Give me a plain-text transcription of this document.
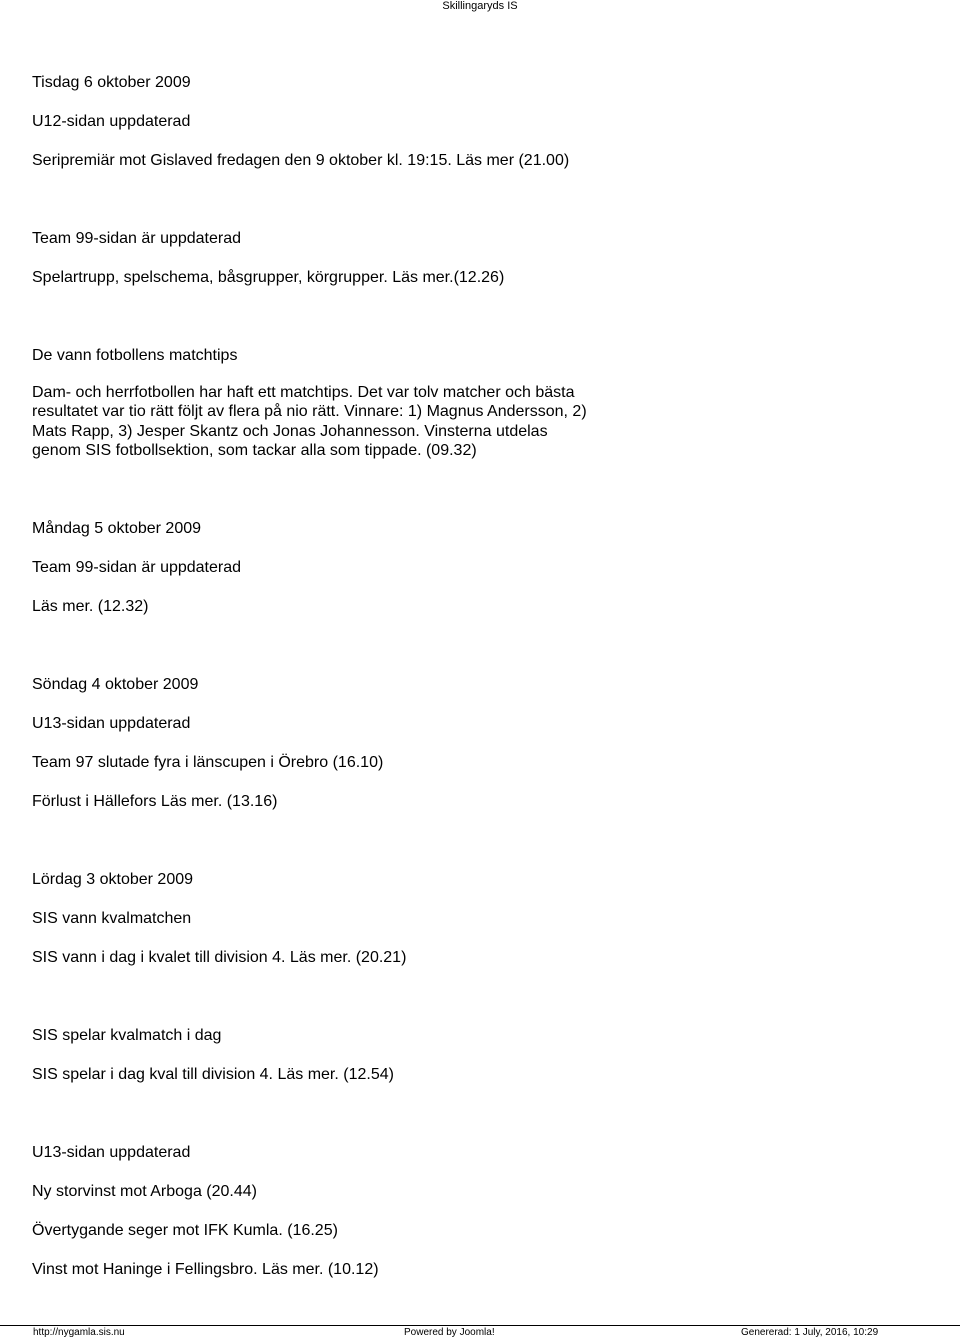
Skillingaryds IS

Tisdag 6 oktober 2009

U12-sidan uppdaterad

Seripremiär mot Gislaved fredagen den 9 oktober kl. 19:15. Läs mer (21.00)

Team 99-sidan är uppdaterad

Spelartrupp, spelschema, båsgrupper, körgrupper. Läs mer.(12.26)

De vann fotbollens matchtips

Dam- och herrfotbollen har haft ett matchtips. Det var tolv matcher och bästa resultatet var tio rätt följt av flera på nio rätt. Vinnare: 1) Magnus Andersson, 2) Mats Rapp, 3) Jesper Skantz och Jonas Johannesson. Vinsterna utdelas genom SIS fotbollsektion, som tackar alla som tippade. (09.32)

Måndag 5 oktober 2009

Team 99-sidan är uppdaterad

Läs mer. (12.32)

Söndag 4 oktober 2009

U13-sidan uppdaterad

Team 97 slutade fyra i länscupen i Örebro (16.10)

Förlust i Hällefors Läs mer. (13.16)

Lördag 3 oktober 2009

SIS vann kvalmatchen

SIS vann i dag i kvalet till division 4. Läs mer. (20.21)

SIS spelar kvalmatch i dag

SIS spelar i dag kval till division 4. Läs mer. (12.54)

U13-sidan uppdaterad

Ny storvinst mot Arboga (20.44)

Övertygande seger mot IFK Kumla. (16.25)

Vinst mot Haninge i Fellingsbro. Läs mer. (10.12)

http://nygamla.sis.nu	Powered by Joomla!	Genererad: 1 July, 2016, 10:29
